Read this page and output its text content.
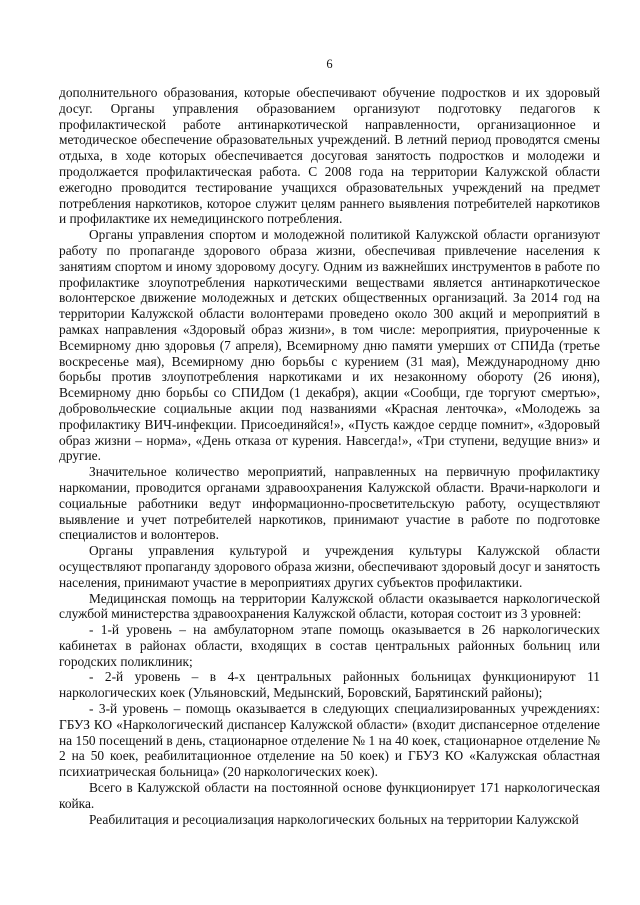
6

дополнительного образования, которые обеспечивают обучение подростков и их здоровый досуг. Органы управления образованием организуют подготовку педагогов к профилактической работе антинаркотической направленности, организационное и методическое обеспечение образовательных учреждений. В летний период проводятся смены отдыха, в ходе которых обеспечивается досуговая занятость подростков и молодежи и продолжается профилактическая работа. С 2008 года на территории Калужской области ежегодно проводится тестирование учащихся образовательных учреждений на предмет потребления наркотиков, которое служит целям раннего выявления потребителей наркотиков и профилактике их немедицинского потребления.

Органы управления спортом и молодежной политикой Калужской области организуют работу по пропаганде здорового образа жизни, обеспечивая привлечение населения к занятиям спортом и иному здоровому досугу. Одним из важнейших инструментов в работе по профилактике злоупотребления наркотическими веществами является антинаркотическое волонтерское движение молодежных и детских общественных организаций. За 2014 год на территории Калужской области волонтерами проведено около 300 акций и мероприятий в рамках направления «Здоровый образ жизни», в том числе: мероприятия, приуроченные к Всемирному дню здоровья (7 апреля), Всемирному дню памяти умерших от СПИДа (третье воскресенье мая), Всемирному дню борьбы с курением (31 мая), Международному дню борьбы против злоупотребления наркотиками и их незаконному обороту (26 июня), Всемирному дню борьбы со СПИДом (1 декабря), акции «Сообщи, где торгуют смертью», добровольческие социальные акции под названиями «Красная ленточка», «Молодежь за профилактику ВИЧ-инфекции. Присоединяйся!», «Пусть каждое сердце помнит», «Здоровый образ жизни – норма», «День отказа от курения. Навсегда!», «Три ступени, ведущие вниз» и другие.

Значительное количество мероприятий, направленных на первичную профилактику наркомании, проводится органами здравоохранения Калужской области. Врачи-наркологи и социальные работники ведут информационно-просветительскую работу, осуществляют выявление и учет потребителей наркотиков, принимают участие в работе по подготовке специалистов и волонтеров.

Органы управления культурой и учреждения культуры Калужской области осуществляют пропаганду здорового образа жизни, обеспечивают здоровый досуг и занятость населения, принимают участие в мероприятиях других субъектов профилактики.

Медицинская помощь на территории Калужской области оказывается наркологической службой министерства здравоохранения Калужской области, которая состоит из 3 уровней:

- 1-й уровень – на амбулаторном этапе помощь оказывается в 26 наркологических кабинетах в районах области, входящих в состав центральных районных больниц или городских поликлиник;

- 2-й уровень – в 4-х центральных районных больницах функционируют 11 наркологических коек (Ульяновский, Медынский, Боровский, Барятинский районы);

- 3-й уровень – помощь оказывается в следующих специализированных учреждениях: ГБУЗ КО «Наркологический диспансер Калужской области» (входит диспансерное отделение на 150 посещений в день, стационарное отделение № 1 на 40 коек, стационарное отделение № 2 на 50 коек, реабилитационное отделение на 50 коек) и ГБУЗ КО «Калужская областная психиатрическая больница» (20 наркологических коек).

Всего в Калужской области на постоянной основе функционирует 171 наркологическая койка.

Реабилитация и ресоциализация наркологических больных на территории Калужской
